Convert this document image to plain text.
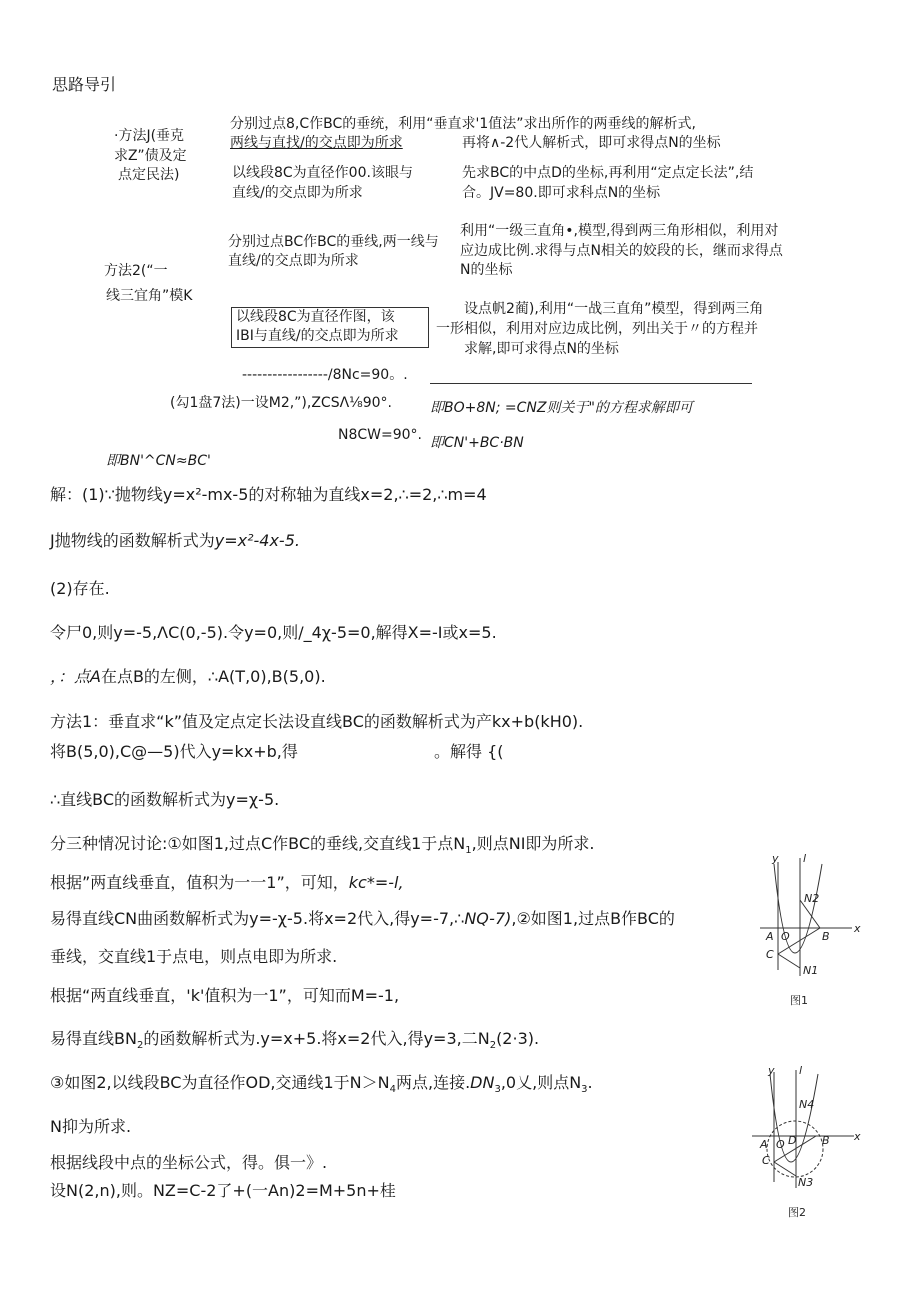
思路导引
·方法J(垂克
求Z”债及定
点定民法)
分别过点8,C作BC的垂统，利用“垂直求'1值法”求出所作的两垂线的解析式,
两线与直找/的交点即为所求	再将∧-2代人解析式，即可求得点N的坐标
以线段8C为直径作00.该眼与
直线/的交点即为所求
先求BC的中点D的坐标,再利用“定点定长法”,结
合。JV=80.即可求科点N的坐标
方法2(“一
线三宜角”模K
分别过点BC作BC的垂线,两一线与
直线/的交点即为所求
利用“一级三直角•,模型,得到两三角形相似，利用对
应边成比例.求得与点N相关的姣段的长，继而求得点
N的坐标
以线段8C为直径作图，该
IBI与直线/的交点即为所求
设点帆2蔺),利用“一战三直角”模型，得到两三角
一形相似，利用对应边成比例，列出关于〃的方程并
求解,即可求得点N的坐标
-----------------/8Nc=90。.
(勾1盘7法)一设M2,”),ZCSΛ⅛90°.	即BO+8N; =CNZ则关于"的方程求解即可
N8CW=90°. 即CN'+BC·BN
即BN'^CN≈BC'
解：(1)∵抛物线y=x²-mx-5的对称轴为直线x=2,∴=2,∴m=4
J抛物线的函数解析式为y=x²-4x-5.
(2)存在.
令尸0,则y=-5,ΛC(0,-5).令y=0,则/_4χ-5=0,解得X=-I或x=5.
，：点A在点B的左侧，∴A(T,0),B(5,0).
方法1：垂直求“k”值及定点定长法设直线BC的函数解析式为产kx+b(kH0).
将B(5,0),C@—5)代入y=kx+b,得	。解得 {(
∴直线BC的函数解析式为y=χ-5.
分三种情况讨论:①如图1,过点C作BC的垂线,交直线1于点$N_1$,则点NI即为所求.
根据”两直线垂直，值积为一一1”，可知，kc*=-l,
易得直线CN曲函数解析式为y=-χ-5.将x=2代入,得y=-7,∴NQ-7),②如图1,过点B作BC的
垂线，交直线1于点电，则点电即为所求.
根据“两直线垂直，'k'值积为一1”，可知而M=-1,
易得直线$BN_2$的函数解析式为.y=x+5.将x=2代入,得y=3,二$N_2(2\cdot 3)$.
③如图2,以线段BC为直径作OD,交通线1于$N>N_4$两点,连接$.DN_3,0$乂,则点$N_3$.
N抑为所求.
根据线段中点的坐标公式，得。俱一》.
设N(2,n),则。NZ=C-2了+(一An)2=M+5n+桂
y l
x
A O	B
C
N1
N2
图1
y l
x
A O D B
C
N3
N4
图2
